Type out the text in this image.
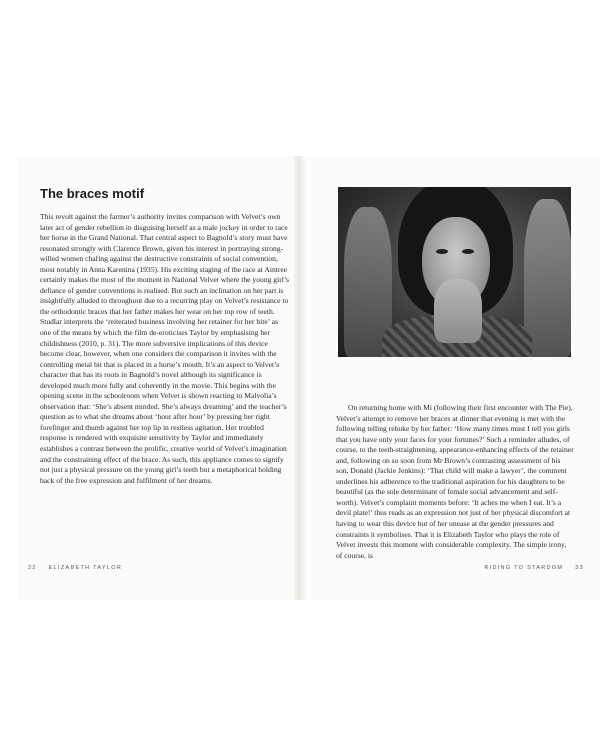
The braces motif

This revolt against the farmer’s authority invites comparison with Velvet’s own later act of gender rebellion in disguising herself as a male jockey in order to race her horse in the Grand National. That central aspect to Bagnold’s story must have resonated strongly with Clarence Brown, given his interest in portraying strong-willed women chafing against the destructive constraints of social convention, most notably in Anna Karenina (1935). His exciting staging of the race at Aintree certainly makes the most of the moment in National Velvet where the young girl’s defiance of gender conventions is realised. But such an inclination on her part is insightfully alluded to throughout due to a recurring play on Velvet’s resistance to the orthodontic braces that her father makes her wear on her top row of teeth. Studlar interprets the ‘reiterated business involving her retainer for her bite’ as one of the means by which the film de-eroticises Taylor by emphasising her childishness (2010, p. 31). The more subversive implications of this device become clear, however, when one considers the comparison it invites with the controlling metal bit that is placed in a horse’s mouth. It’s an aspect to Velvet’s character that has its roots in Bagnold’s novel although its significance is developed much more fully and coherently in the movie. This begins with the opening scene in the schoolroom when Velvet is shown reacting to Malvolia’s observation that: ‘She’s absent minded. She’s always dreaming’ and the teacher’s question as to what she dreams about ‘hour after hour’ by pressing her right forefinger and thumb against her top lip in restless agitation. Her troubled response is rendered with exquisite sensitivity by Taylor and immediately establishes a contrast between the prolific, creative world of Velvet’s imagination and the constraining effect of the brace. As such, this appliance comes to signify not just a physical pressure on the young girl’s teeth but a metaphorical holding back of the free expression and fulfilment of her dreams.

32 ELIZABETH TAYLOR

On returning home with Mi (following their first encounter with The Pie), Velvet’s attempt to remove her braces at dinner that evening is met with the following telling rebuke by her father: ‘How many times must I tell you girls that you have only your faces for your fortunes?’ Such a reminder alludes, of course, to the teeth-straightening, appearance-enhancing effects of the retainer and, following on so soon from Mr Brown’s contrasting assessment of his son, Donald (Jackie Jenkins): ‘That child will make a lawyer’, the comment underlines his adherence to the traditional aspiration for his daughters to be beautiful (as the sole determinant of female social advancement and self-worth). Velvet’s complaint moments before: ‘It aches me when I eat. It’s a devil plate!’ thus reads as an expression not just of her physical discomfort at having to wear this device but of her unease at the gender pressures and constraints it symbolises. That it is Elizabeth Taylor who plays the role of Velvet invests this moment with considerable complexity. The simple irony, of course, is

RIDING TO STARDOM 33
